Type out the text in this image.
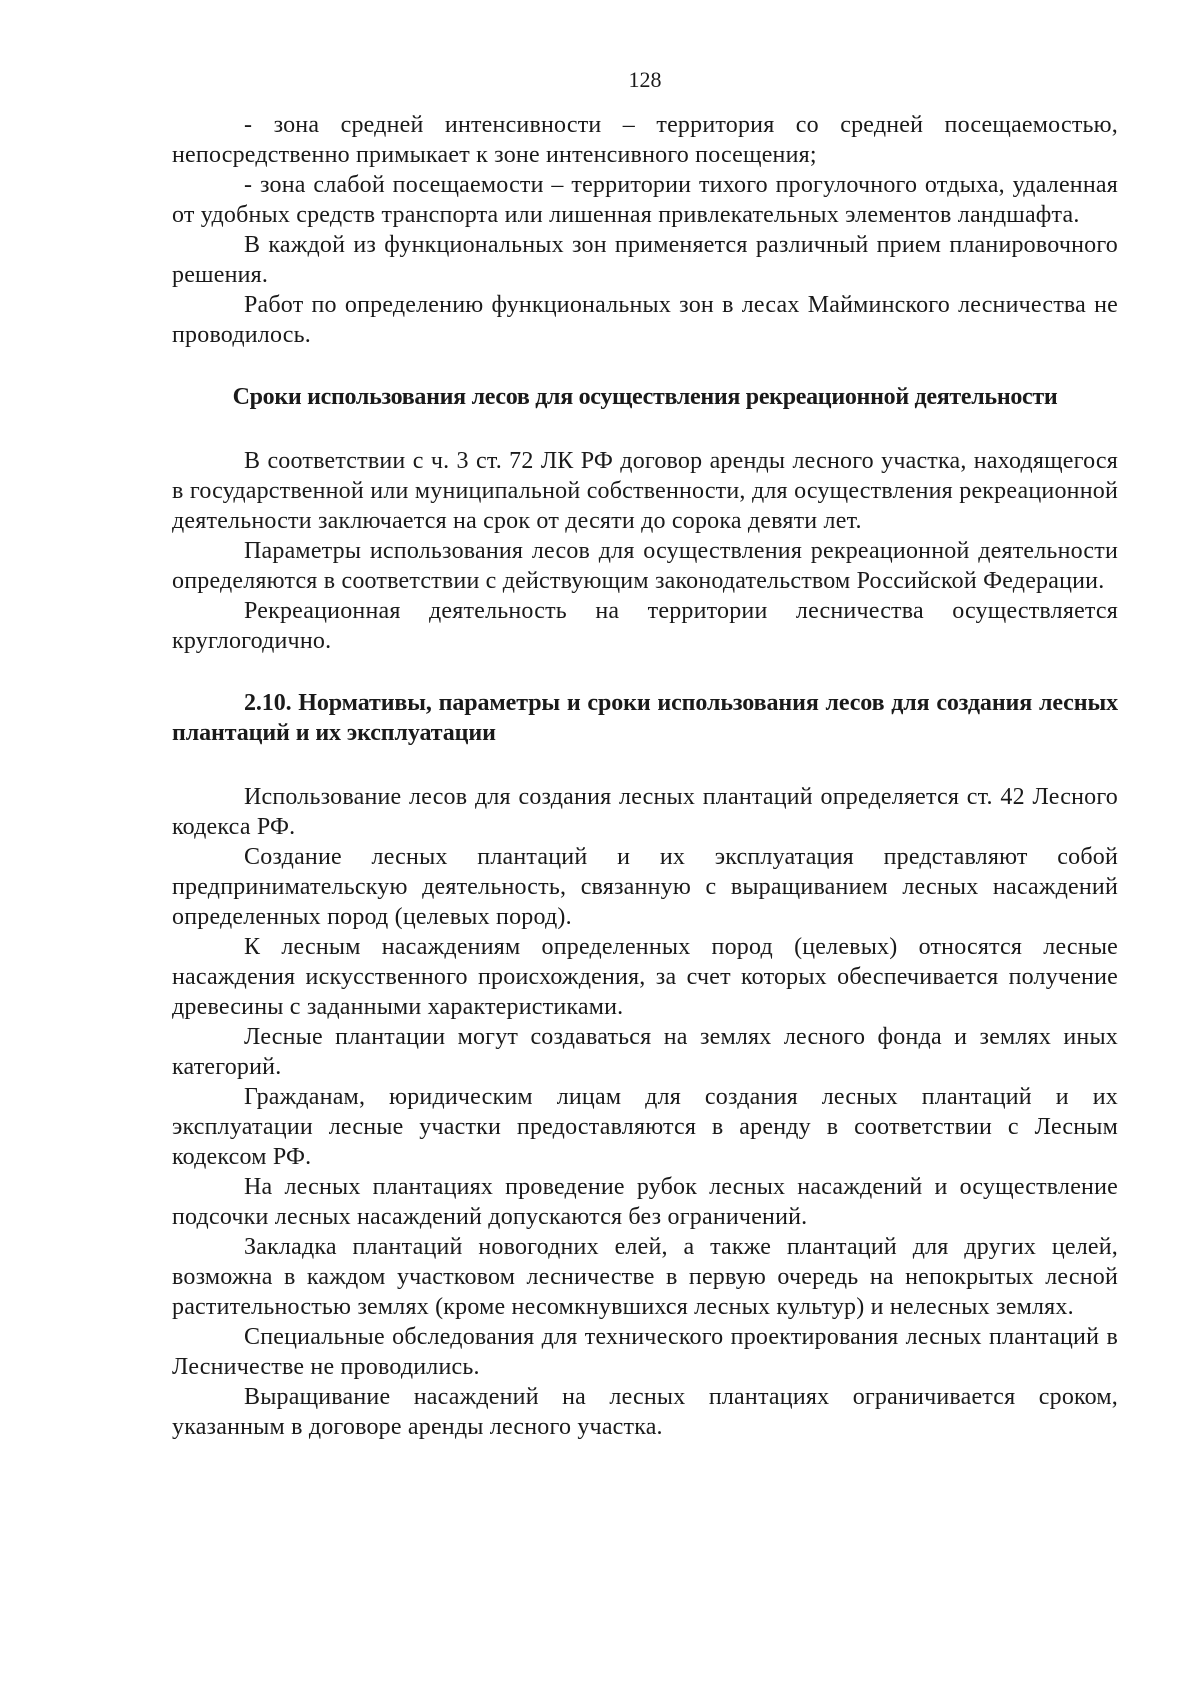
128

- зона средней интенсивности – территория со средней посещаемостью, непосредственно примыкает к зоне интенсивного посещения;

- зона слабой посещаемости – территории тихого прогулочного отдыха, удаленная от удобных средств транспорта или лишенная привлекательных элементов ландшафта.

В каждой из функциональных зон применяется различный прием планировочного решения.

Работ по определению функциональных зон в лесах Майминского лесничества не проводилось.

Сроки использования лесов для осуществления рекреационной деятельности

В соответствии с ч. 3 ст. 72 ЛК РФ договор аренды лесного участка, находящегося в государственной или муниципальной собственности, для осуществления рекреационной деятельности заключается на срок от десяти до сорока девяти лет.

Параметры использования лесов для осуществления рекреационной деятельности определяются в соответствии с действующим законодательством Российской Федерации.

Рекреационная деятельность на территории лесничества осуществляется круглогодично.

2.10. Нормативы, параметры и сроки использования лесов для создания лесных плантаций и их эксплуатации

Использование лесов для создания лесных плантаций определяется ст. 42 Лесного кодекса РФ.

Создание лесных плантаций и их эксплуатация представляют собой предпринимательскую деятельность, связанную с выращиванием лесных насаждений определенных пород (целевых пород).

К лесным насаждениям определенных пород (целевых) относятся лесные насаждения искусственного происхождения, за счет которых обеспечивается получение древесины с заданными характеристиками.

Лесные плантации могут создаваться на землях лесного фонда и землях иных категорий.

Гражданам, юридическим лицам для создания лесных плантаций и их эксплуатации лесные участки предоставляются в аренду в соответствии с Лесным кодексом РФ.

На лесных плантациях проведение рубок лесных насаждений и осуществление подсочки лесных насаждений допускаются без ограничений.

Закладка плантаций новогодних елей, а также плантаций для других целей, возможна в каждом участковом лесничестве в первую очередь на непокрытых лесной растительностью землях (кроме несомкнувшихся лесных культур) и нелесных землях.

Специальные обследования для технического проектирования лесных плантаций в Лесничестве не проводились.

Выращивание насаждений на лесных плантациях ограничивается сроком, указанным в договоре аренды лесного участка.
